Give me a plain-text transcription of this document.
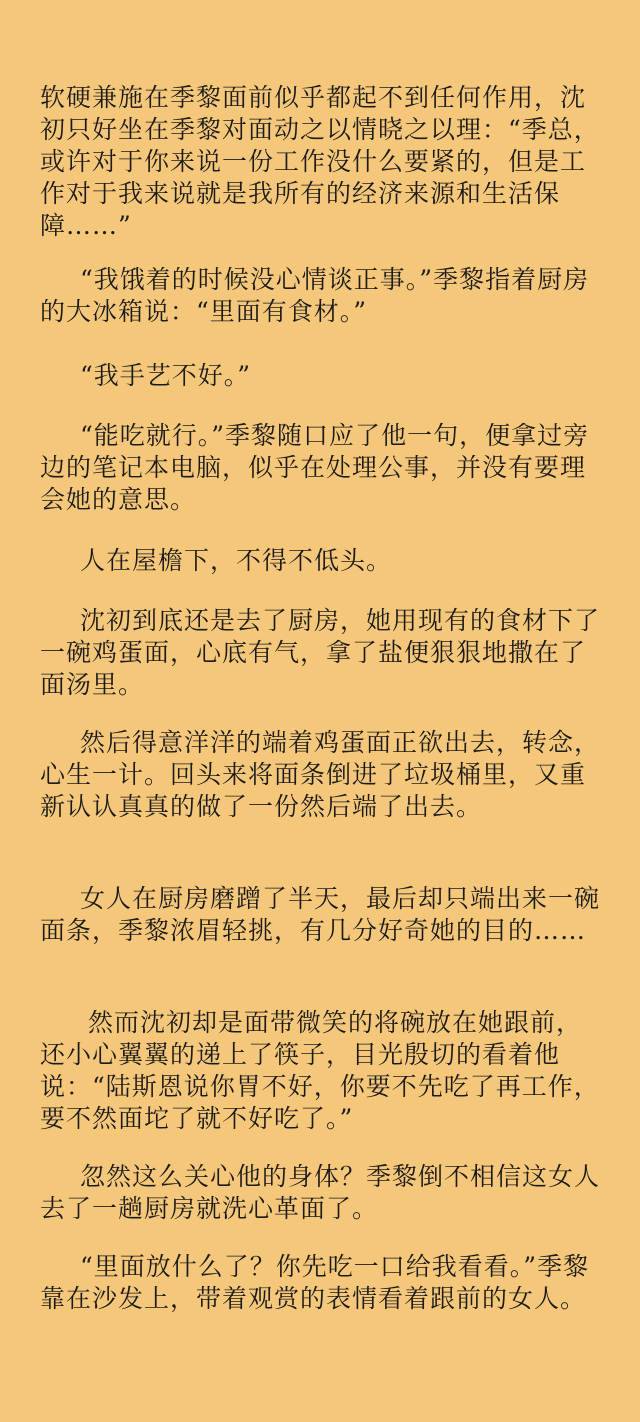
软硬兼施在季黎面前似乎都起不到任何作用，沈初只好坐在季黎对面动之以情晓之以理：“季总，或许对于你来说一份工作没什么要紧的，但是工作对于我来说就是我所有的经济来源和生活保障……”

“我饿着的时候没心情谈正事。”季黎指着厨房的大冰箱说：“里面有食材。”

“我手艺不好。”

“能吃就行。”季黎随口应了他一句，便拿过旁边的笔记本电脑，似乎在处理公事，并没有要理会她的意思。

人在屋檐下，不得不低头。

沈初到底还是去了厨房，她用现有的食材下了一碗鸡蛋面，心底有气，拿了盐便狠狠地撒在了面汤里。

然后得意洋洋的端着鸡蛋面正欲出去，转念，心生一计。回头来将面条倒进了垃圾桶里，又重新认认真真的做了一份然后端了出去。

女人在厨房磨蹭了半天，最后却只端出来一碗面条，季黎浓眉轻挑，有几分好奇她的目的……

然而沈初却是面带微笑的将碗放在她跟前，还小心翼翼的递上了筷子，目光殷切的看着他说：“陆斯恩说你胃不好，你要不先吃了再工作，要不然面坨了就不好吃了。”

忽然这么关心他的身体？季黎倒不相信这女人去了一趟厨房就洗心革面了。

“里面放什么了？你先吃一口给我看看。”季黎靠在沙发上，带着观赏的表情看着跟前的女人。
